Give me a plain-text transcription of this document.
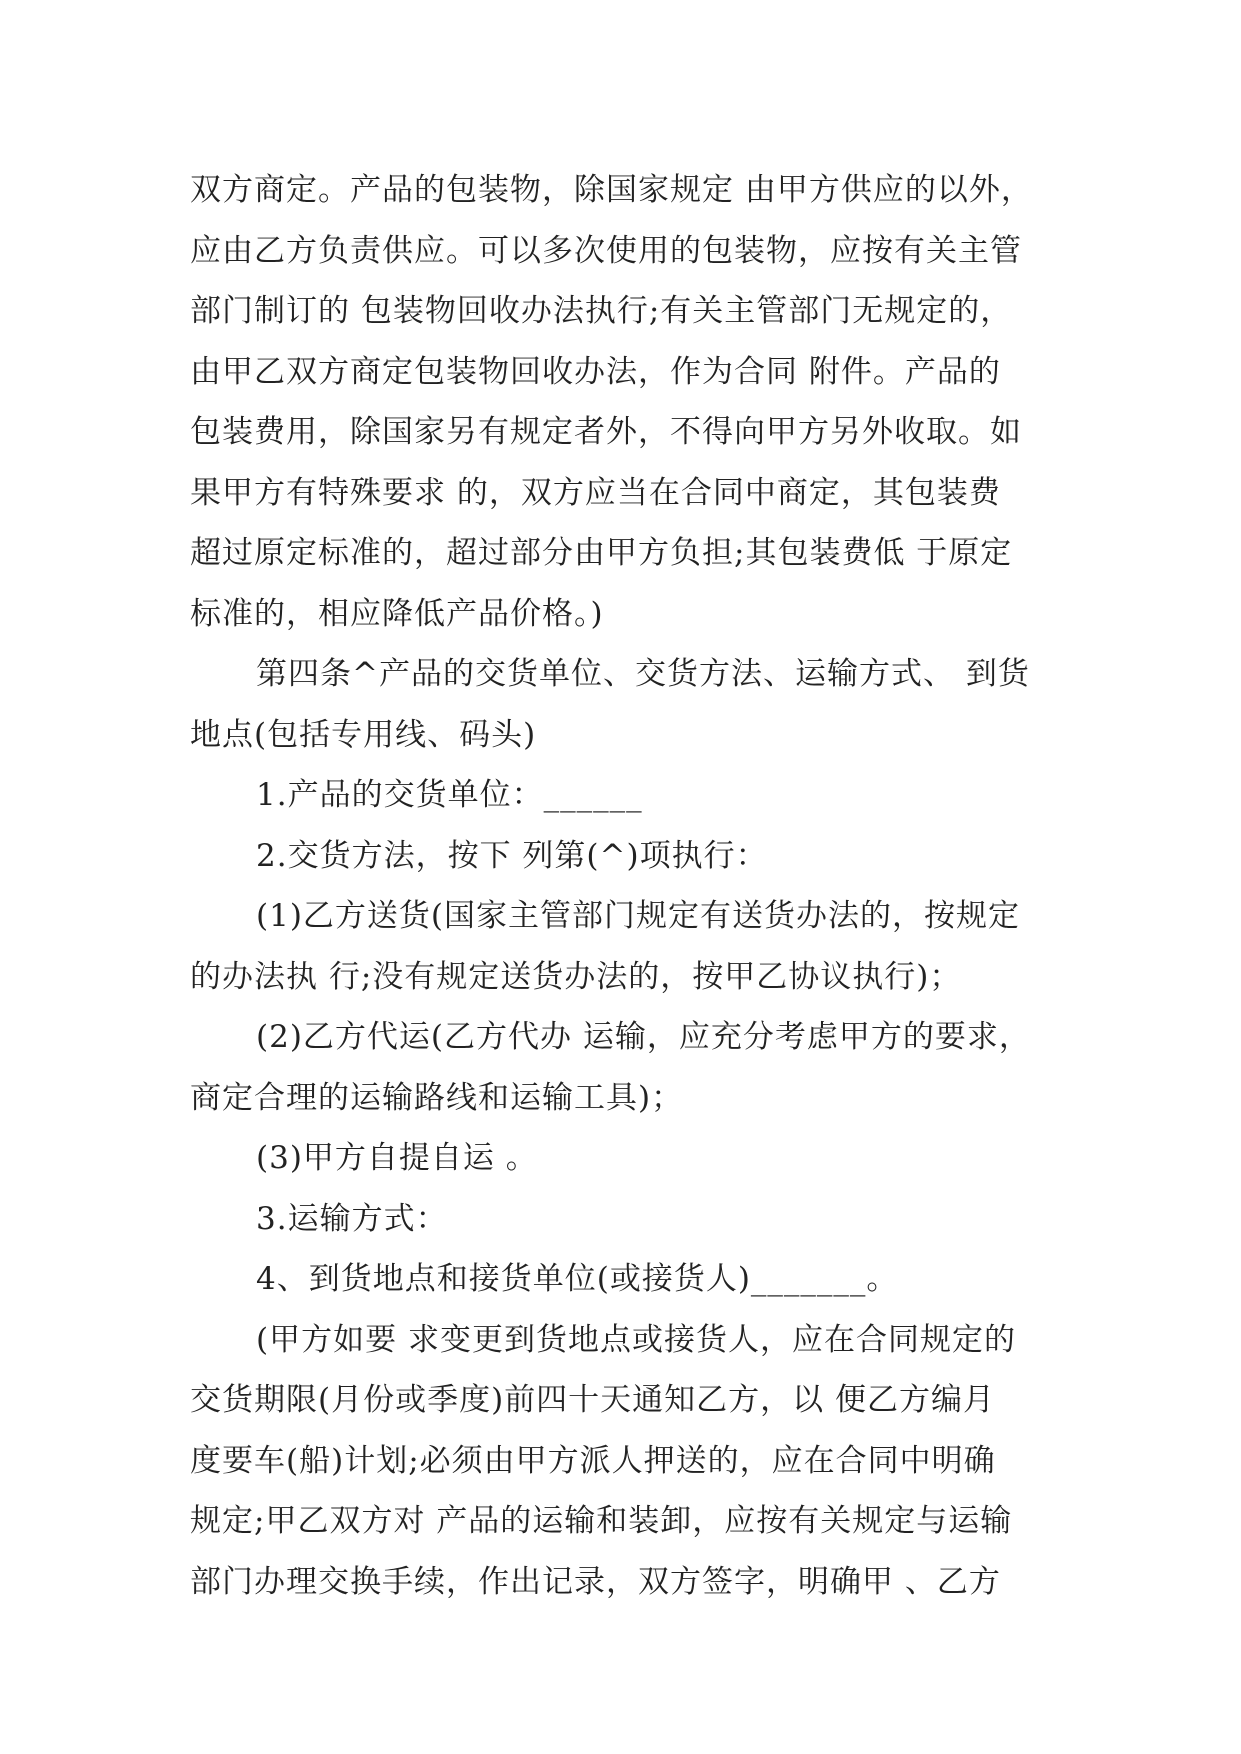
双方商定。产品的包装物，除国家规定 由甲方供应的以外，
应由乙方负责供应。可以多次使用的包装物，应按有关主管
部门制订的 包装物回收办法执行;有关主管部门无规定的，
由甲乙双方商定包装物回收办法，作为合同 附件。产品的
包装费用，除国家另有规定者外，不得向甲方另外收取。如
果甲方有特殊要求 的，双方应当在合同中商定，其包装费
超过原定标准的，超过部分由甲方负担;其包装费低 于原定
标准的，相应降低产品价格。)
第四条^产品的交货单位、交货方法、运输方式、 到货
地点(包括专用线、码头)
1.产品的交货单位：______
2.交货方法，按下 列第(^)项执行：
(1)乙方送货(国家主管部门规定有送货办法的，按规定
的办法执 行;没有规定送货办法的，按甲乙协议执行)；
(2)乙方代运(乙方代办 运输，应充分考虑甲方的要求，
商定合理的运输路线和运输工具)；
(3)甲方自提自运 。
3.运输方式：
4、到货地点和接货单位(或接货人)_______。
(甲方如要 求变更到货地点或接货人，应在合同规定的
交货期限(月份或季度)前四十天通知乙方，以 便乙方编月
度要车(船)计划;必须由甲方派人押送的，应在合同中明确
规定;甲乙双方对 产品的运输和装卸，应按有关规定与运输
部门办理交换手续，作出记录，双方签字，明确甲 、乙方
